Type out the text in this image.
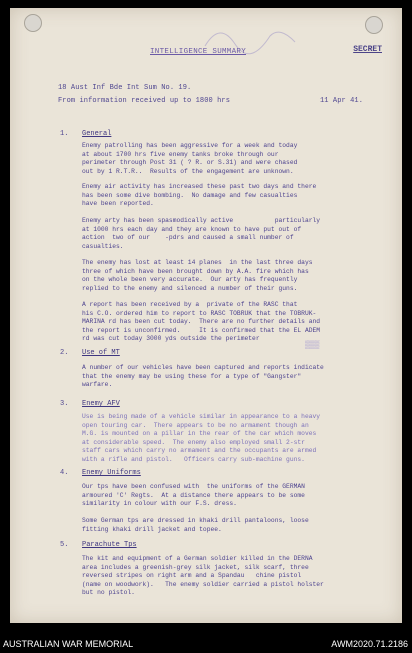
SECRET
INTELLIGENCE SUMMARY
18 Aust Inf Bde Int Sum No. 19.
From information received up to 1800 hrs	11 Apr 41.
1. General
Enemy patrolling has been aggressive for a week and today
at about 1700 hrs five enemy tanks broke through our
perimeter through Post 31 ( ? R. or S.31) and were chased
out by 1 R.T.R..  Results of the engagement are unknown.
Enemy air activity has increased these past two days and there
has been some dive bombing.  No damage and few casualties
have been reported.
Enemy arty has been spasmodically active           particularly
at 1000 hrs each day and they are known to have put out of
action  two of our    -pdrs and caused a small number of
casualties.
The enemy has lost at least 14 planes  in the last three days
three of which have been brought down by A.A. fire which has
on the whole been very accurate.  Our arty has frequently
replied to the enemy and silenced a number of their guns.
A report has been received by a  private of the RASC that
his C.O. ordered him to report to RASC TOBRUK that the TOBRUK-
MARINA rd has been cut today.  There are no further details and
the report is unconfirmed.     It is confirmed that the EL ADEM
rd was cut today 3000 yds outside the perimeter
▒▒▒
2. Use of MT
A number of our vehicles have been captured and reports indicate
that the enemy may be using these for a type of "Gangster"
warfare.
3. Enemy AFV
Use is being made of a vehicle similar in appearance to a heavy
open touring car.  There appears to be no armament though an
M.G. is mounted on a pillar in the rear of the car which moves
at considerable speed.  The enemy also employed small 2-str
staff cars which carry no armament and the occupants are armed
with a rifle and pistol.   Officers carry sub-machine guns.
4. Enemy Uniforms
Our tps have been confused with  the uniforms of the GERMAN
armoured 'C' Regts.  At a distance there appears to be some
similarity in colour with our F.S. dress.
Some German tps are dressed in khaki drill pantaloons, loose
fitting khaki drill jacket and topee.
5. Parachute Tps
The kit and equipment of a German soldier killed in the DERNA
area includes a greenish-grey silk jacket, silk scarf, three
reversed stripes on right arm and a Spandau   chine pistol
(name on woodwork).   The enemy soldier carried a pistol holster
but no pistol.
AUSTRALIAN WAR MEMORIAL	AWM2020.71.2186
